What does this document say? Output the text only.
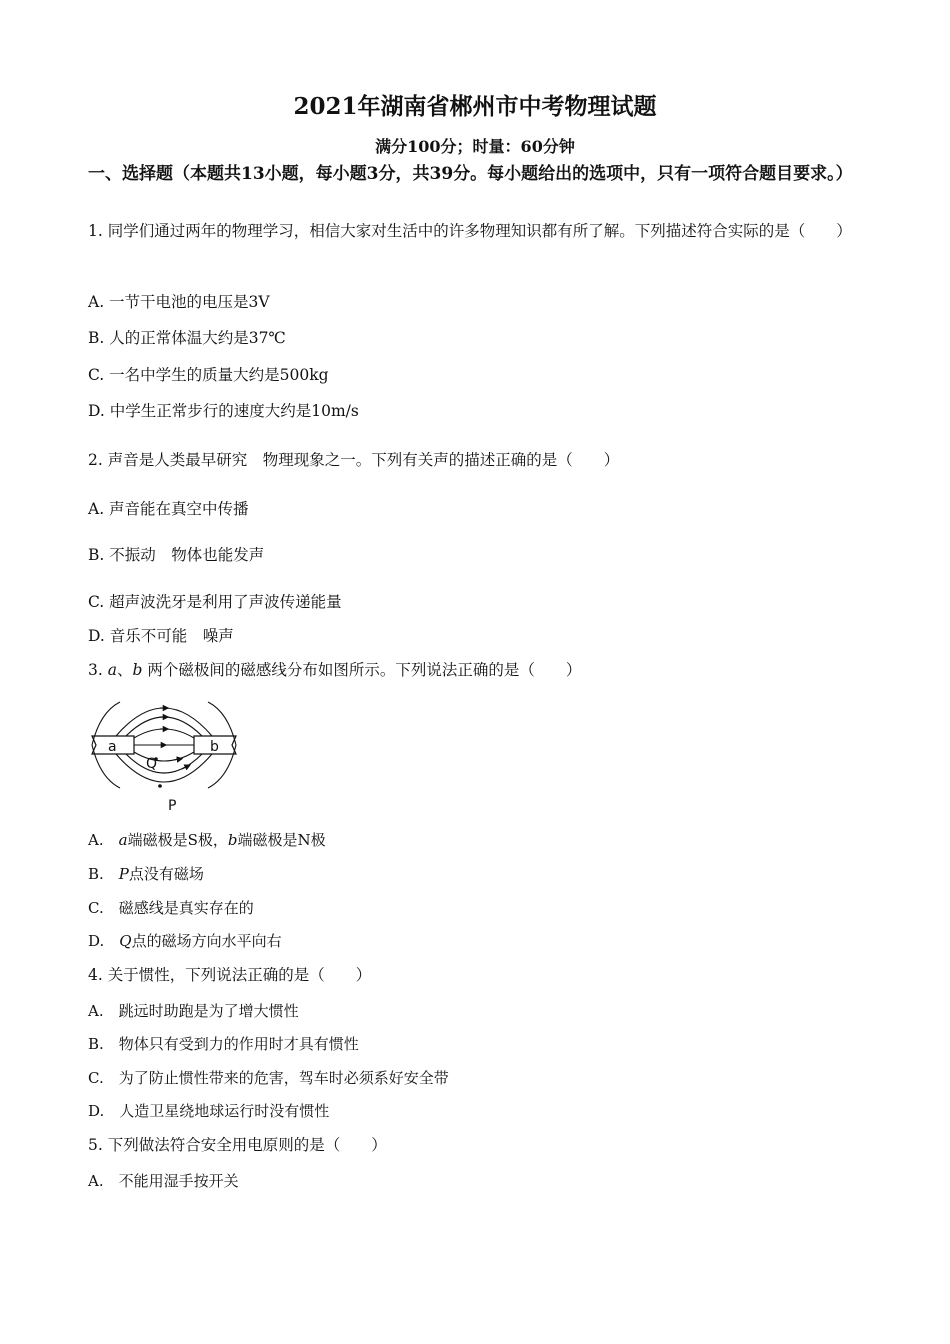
2021年湖南省郴州市中考物理试题
满分100分；时量：60分钟
一、选择题（本题共13小题，每小题3分，共39分。每小题给出的选项中，只有一项符合题目要求。）
1. 同学们通过两年的物理学习，相信大家对生活中的许多物理知识都有所了解。下列描述符合实际的是（　　）
A. 一节干电池的电压是3V
B. 人的正常体温大约是37℃
C. 一名中学生的质量大约是500kg
D. 中学生正常步行的速度大约是10m/s
2. 声音是人类最早研究　物理现象之一。下列有关声的描述正确的是（　　）
A. 声音能在真空中传播
B. 不振动　物体也能发声
C. 超声波洗牙是利用了声波传递能量
D. 音乐不可能　噪声
3. a、b 两个磁极间的磁感线分布如图所示。下列说法正确的是（　　）
a	b
Q
P
A.　a端磁极是S极，b端磁极是N极
B.　P点没有磁场
C.　磁感线是真实存在的
D.　Q点的磁场方向水平向右
4. 关于惯性，下列说法正确的是（　　）
A.　跳远时助跑是为了增大惯性
B.　物体只有受到力的作用时才具有惯性
C.　为了防止惯性带来的危害，驾车时必须系好安全带
D.　人造卫星绕地球运行时没有惯性
5. 下列做法符合安全用电原则的是（　　）
A.　不能用湿手按开关
